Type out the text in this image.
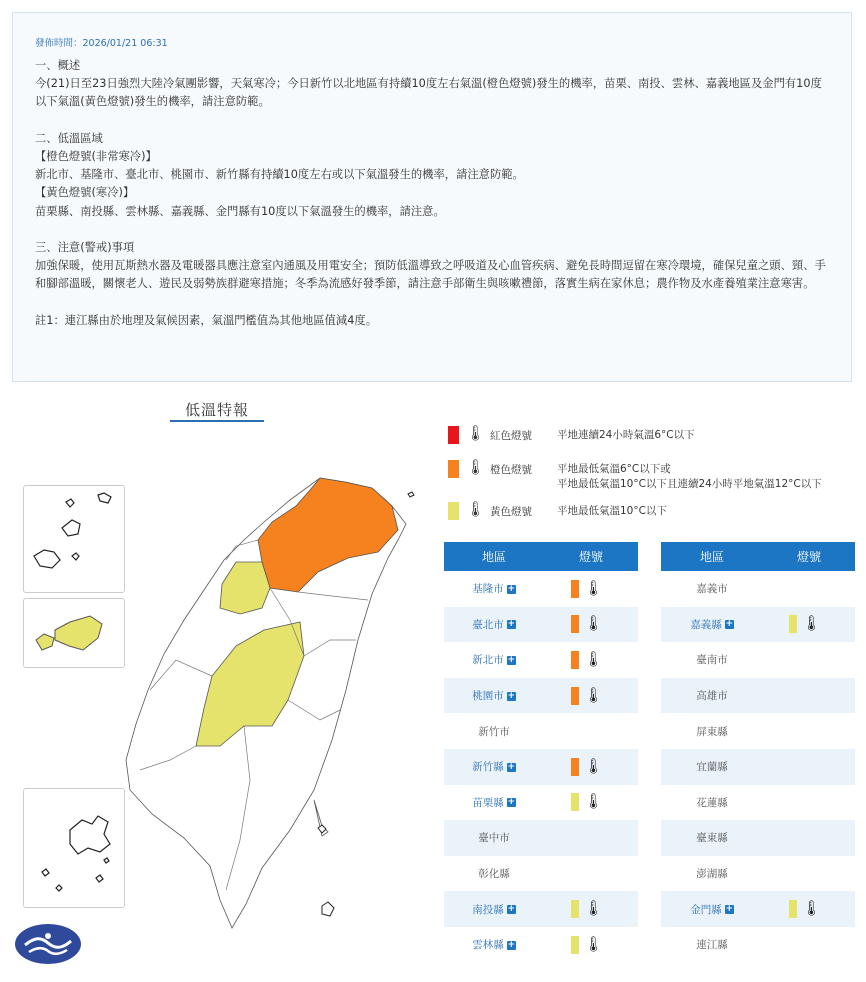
發佈時間：2026/01/21 06:31
一、概述
今(21)日至23日強烈大陸冷氣團影響，天氣寒冷；今日新竹以北地區有持續10度左右氣溫(橙色燈號)發生的機率，苗栗、南投、雲林、嘉義地區及金門有10度以下氣溫(黃色燈號)發生的機率，請注意防範。

二、低溫區域
【橙色燈號(非常寒冷)】
新北市、基隆市、臺北市、桃園市、新竹縣有持續10度左右或以下氣溫發生的機率，請注意防範。
【黃色燈號(寒冷)】
苗栗縣、南投縣、雲林縣、嘉義縣、金門縣有10度以下氣溫發生的機率，請注意。

三、注意(警戒)事項
加強保暖，使用瓦斯熱水器及電暖器具應注意室內通風及用電安全；預防低溫導致之呼吸道及心血管疾病、避免長時間逗留在寒冷環境，確保兒童之頭、頸、手和腳部溫暖，關懷老人、遊民及弱勢族群避寒措施；冬季為流感好發季節，請注意手部衛生與咳嗽禮節，落實生病在家休息；農作物及水產養殖業注意寒害。

註1：連江縣由於地理及氣候因素，氣溫門檻值為其他地區值減4度。
低溫特報
🌡 紅色燈號	平地連續24小時氣溫6°C以下
🌡 橙色燈號	平地最低氣溫6°C以下或
平地最低氣溫10°C以下且連續24小時平地氣溫12°C以下
🌡 黃色燈號	平地最低氣溫10°C以下
地區	燈號
基隆市 +	🌡

臺北市 +	🌡

新北市 +	🌡

桃園市 +	🌡

新竹市	
新竹縣 +	🌡

苗栗縣 +	🌡

臺中市	
彰化縣	
南投縣 +	🌡

雲林縣 +	🌡
地區	燈號
嘉義市	
嘉義縣 +	🌡

臺南市	
高雄市	
屏東縣	
宜蘭縣	
花蓮縣	
臺東縣	
澎湖縣	
金門縣 +	🌡

連江縣	
